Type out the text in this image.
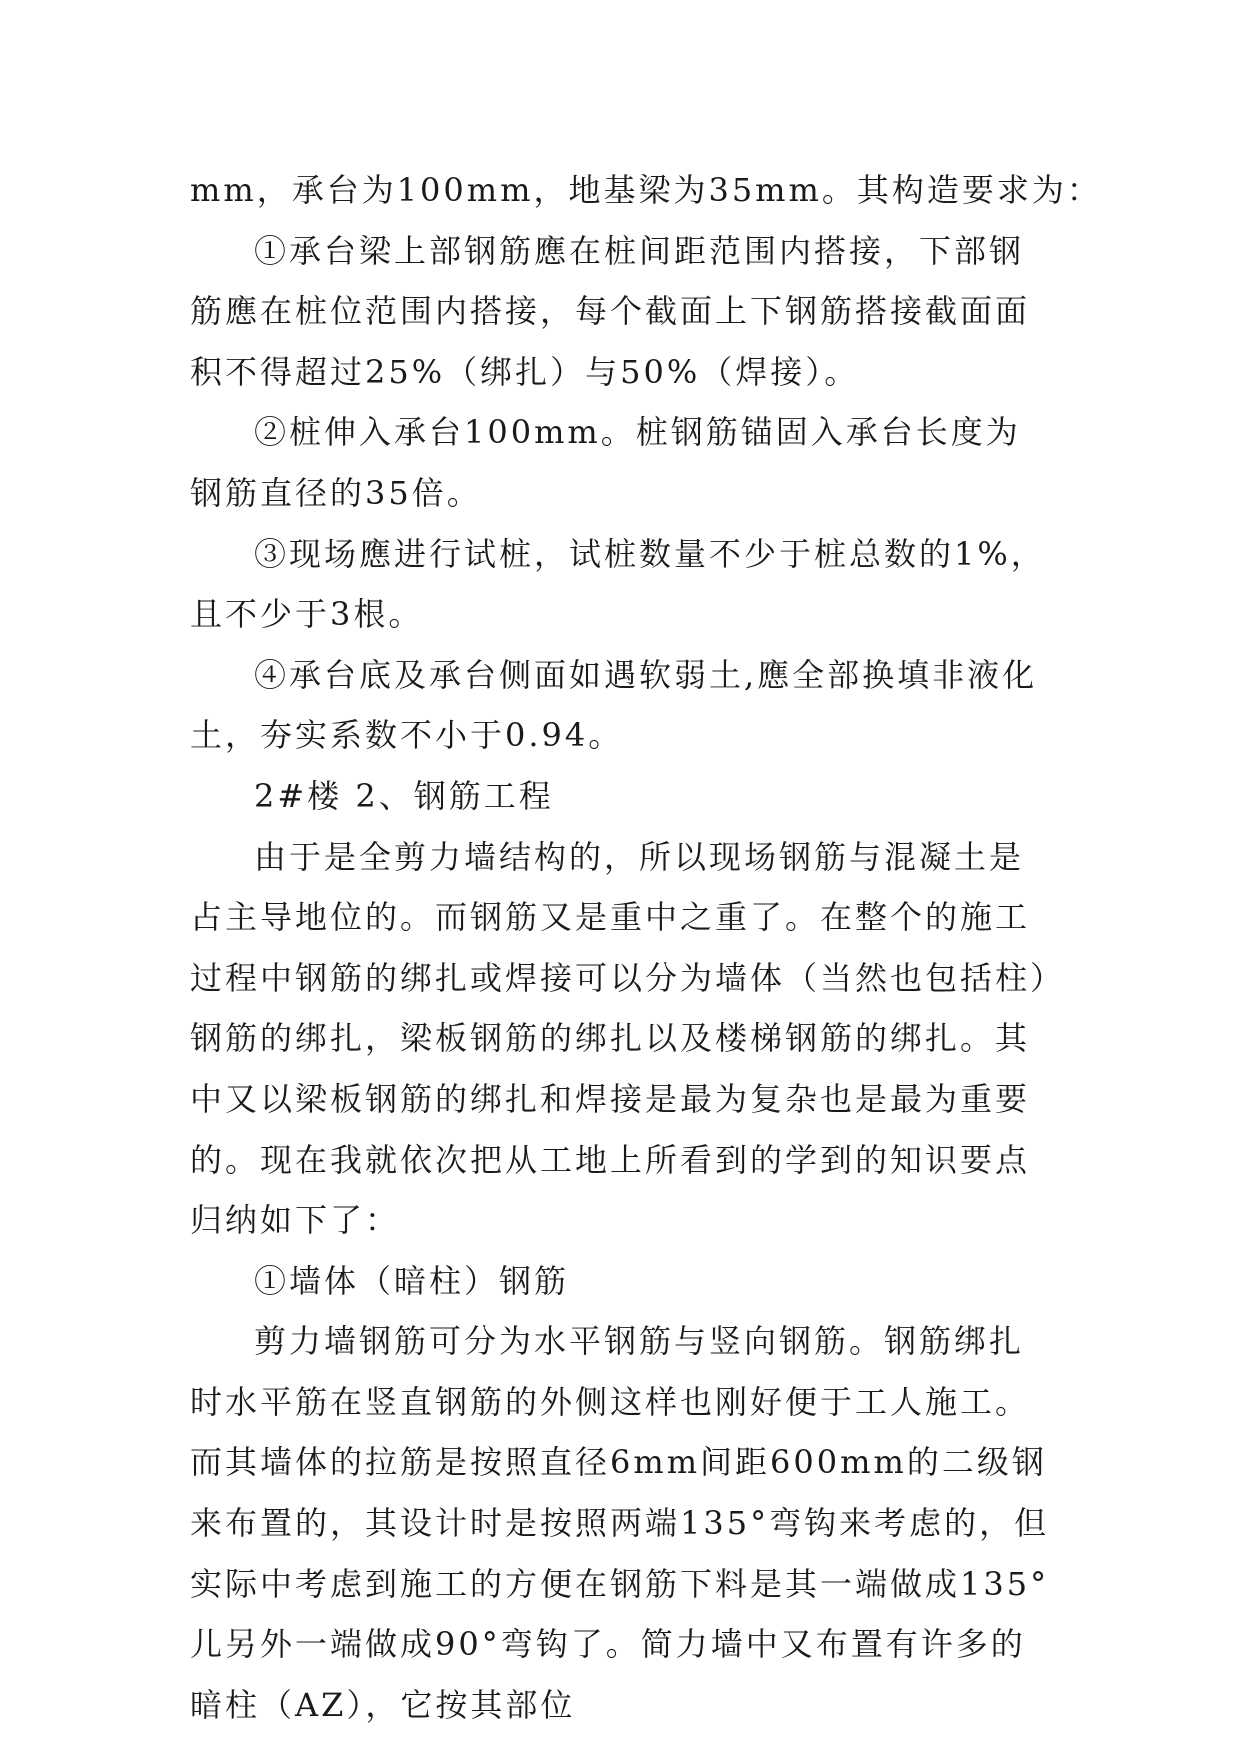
mm，承台为100mm，地基梁为35mm。其构造要求为：

①承台梁上部钢筋應在桩间距范围内搭接，下部钢筋應在桩位范围内搭接，每个截面上下钢筋搭接截面面积不得超过25%（绑扎）与50%（焊接）。

②桩伸入承台100mm。桩钢筋锚固入承台长度为钢筋直径的35倍。

③现场應进行试桩，试桩数量不少于桩总数的1%，且不少于3根。

④承台底及承台侧面如遇软弱土,應全部换填非液化土，夯实系数不小于0.94。

2#楼 2、钢筋工程

由于是全剪力墙结构的，所以现场钢筋与混凝土是占主导地位的。而钢筋又是重中之重了。在整个的施工过程中钢筋的绑扎或焊接可以分为墙体（当然也包括柱）钢筋的绑扎，梁板钢筋的绑扎以及楼梯钢筋的绑扎。其中又以梁板钢筋的绑扎和焊接是最为复杂也是最为重要的。现在我就依次把从工地上所看到的学到的知识要点归纳如下了：

①墙体（暗柱）钢筋

剪力墙钢筋可分为水平钢筋与竖向钢筋。钢筋绑扎时水平筋在竖直钢筋的外侧这样也刚好便于工人施工。而其墙体的拉筋是按照直径6mm间距600mm的二级钢来布置的，其设计时是按照两端135°弯钩来考虑的，但实际中考虑到施工的方便在钢筋下料是其一端做成135°儿另外一端做成90°弯钩了。简力墙中又布置有许多的暗柱（AZ），它按其部位
